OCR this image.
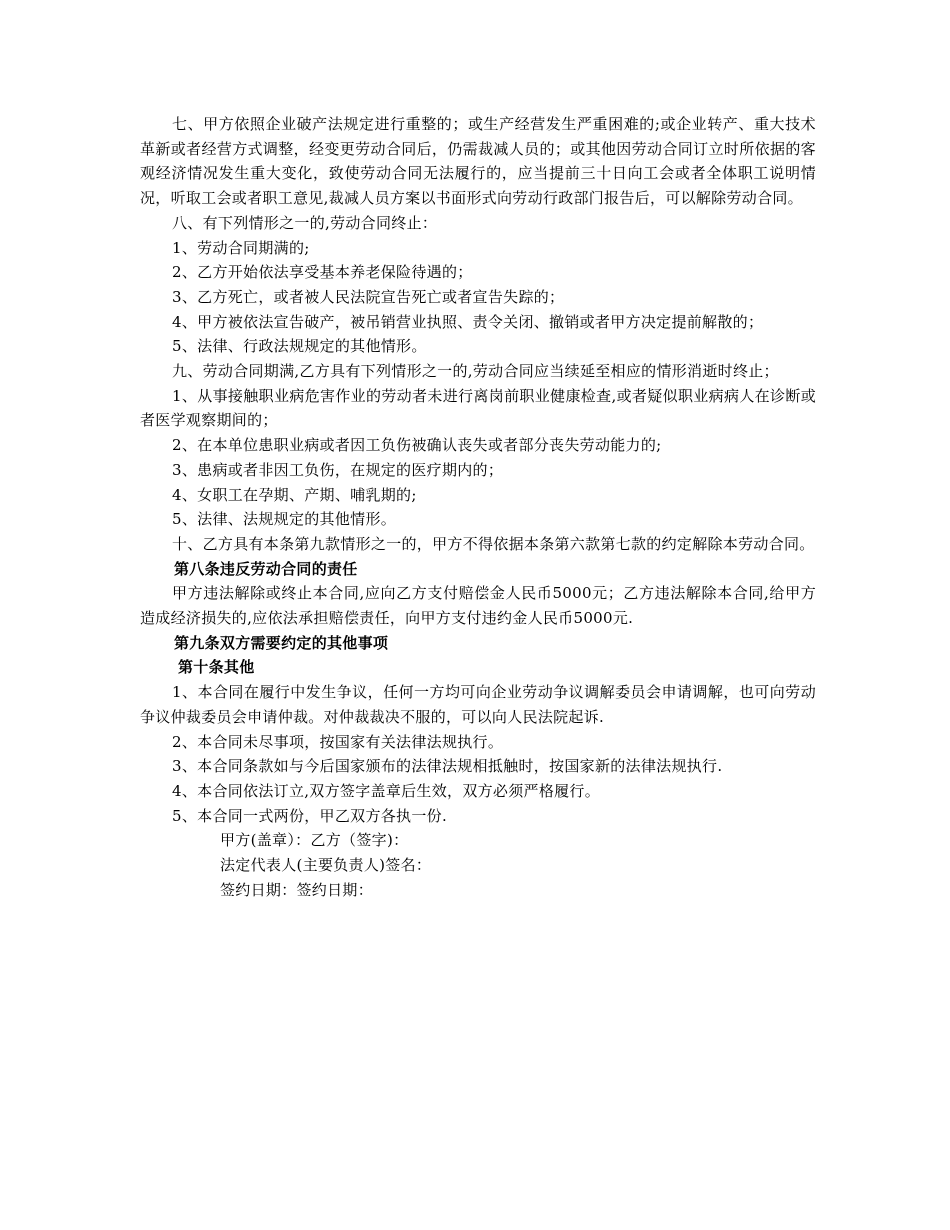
七、甲方依照企业破产法规定进行重整的；或生产经营发生严重困难的;或企业转产、重大技术革新或者经营方式调整，经变更劳动合同后，仍需裁减人员的；或其他因劳动合同订立时所依据的客观经济情况发生重大变化，致使劳动合同无法履行的，应当提前三十日向工会或者全体职工说明情况，听取工会或者职工意见,裁减人员方案以书面形式向劳动行政部门报告后，可以解除劳动合同。

八、有下列情形之一的,劳动合同终止：

1、劳动合同期满的;

2、乙方开始依法享受基本养老保险待遇的；

3、乙方死亡，或者被人民法院宣告死亡或者宣告失踪的；

4、甲方被依法宣告破产，被吊销营业执照、责令关闭、撤销或者甲方决定提前解散的；

5、法律、行政法规规定的其他情形。

九、劳动合同期满,乙方具有下列情形之一的,劳动合同应当续延至相应的情形消逝时终止；

1、从事接触职业病危害作业的劳动者未进行离岗前职业健康检查,或者疑似职业病病人在诊断或者医学观察期间的；

2、在本单位患职业病或者因工负伤被确认丧失或者部分丧失劳动能力的;

3、患病或者非因工负伤，在规定的医疗期内的；

4、女职工在孕期、产期、哺乳期的;

5、法律、法规规定的其他情形。

十、乙方具有本条第九款情形之一的，甲方不得依据本条第六款第七款的约定解除本劳动合同。

第八条违反劳动合同的责任

甲方违法解除或终止本合同,应向乙方支付赔偿金人民币5000元；乙方违法解除本合同,给甲方造成经济损失的,应依法承担赔偿责任，向甲方支付违约金人民币5000元.

第九条双方需要约定的其他事项

第十条其他

1、本合同在履行中发生争议，任何一方均可向企业劳动争议调解委员会申请调解，也可向劳动争议仲裁委员会申请仲裁。对仲裁裁决不服的，可以向人民法院起诉.

2、本合同未尽事项，按国家有关法律法规执行。

3、本合同条款如与今后国家颁布的法律法规相抵触时，按国家新的法律法规执行.

4、本合同依法订立,双方签字盖章后生效，双方必须严格履行。

5、本合同一式两份，甲乙双方各执一份.

甲方(盖章）：乙方（签字)：

法定代表人(主要负责人)签名：

签约日期：签约日期：
